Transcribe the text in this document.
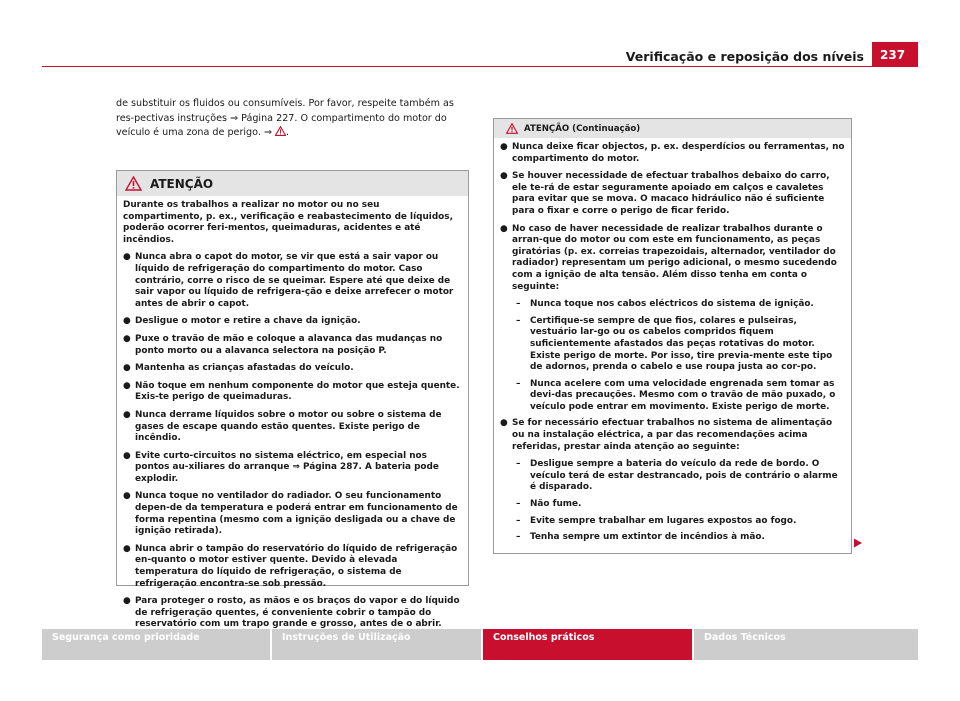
Verificação e reposição dos níveis	237

de substituir os fluidos ou consumíveis. Por favor, respeite também as res-pectivas instruções ⇒ Página 227. O compartimento do motor do veículo é uma zona de perigo. ⇒ .

ATENÇÃO

Durante os trabalhos a realizar no motor ou no seu compartimento, p. ex., verificação e reabastecimento de líquidos, poderão ocorrer feri-mentos, queimaduras, acidentes e até incêndios.

● Nunca abra o capot do motor, se vir que está a sair vapor ou líquido de refrigeração do compartimento do motor. Caso contrário, corre o risco de se queimar. Espere até que deixe de sair vapor ou líquido de refrigera-ção e deixe arrefecer o motor antes de abrir o capot.
● Desligue o motor e retire a chave da ignição.
● Puxe o travão de mão e coloque a alavanca das mudanças no ponto morto ou a alavanca selectora na posição P.
● Mantenha as crianças afastadas do veículo.
● Não toque em nenhum componente do motor que esteja quente. Exis-te perigo de queimaduras.
● Nunca derrame líquidos sobre o motor ou sobre o sistema de gases de escape quando estão quentes. Existe perigo de incêndio.
● Evite curto-circuitos no sistema eléctrico, em especial nos pontos au-xiliares do arranque ⇒ Página 287. A bateria pode explodir.
● Nunca toque no ventilador do radiador. O seu funcionamento depen-de da temperatura e poderá entrar em funcionamento de forma repentina (mesmo com a ignição desligada ou a chave de ignição retirada).
● Nunca abrir o tampão do reservatório do líquido de refrigeração en-quanto o motor estiver quente. Devido à elevada temperatura do líquido de refrigeração, o sistema de refrigeração encontra-se sob pressão.
● Para proteger o rosto, as mãos e os braços do vapor e do líquido de refrigeração quentes, é conveniente cobrir o tampão do reservatório com um trapo grande e grosso, antes de o abrir.
ATENÇÃO (Continuação)
● Nunca deixe ficar objectos, p. ex. desperdícios ou ferramentas, no compartimento do motor.
● Se houver necessidade de efectuar trabalhos debaixo do carro, ele te-rá de estar seguramente apoiado em calços e cavaletes para evitar que se mova. O macaco hidráulico não é suficiente para o fixar e corre o perigo de ficar ferido.
● No caso de haver necessidade de realizar trabalhos durante o arran-que do motor ou com este em funcionamento, as peças giratórias (p. ex. correias trapezoidais, alternador, ventilador do radiador) representam um perigo adicional, o mesmo sucedendo com a ignição de alta tensão. Além disso tenha em conta o seguinte:
–	Nunca toque nos cabos eléctricos do sistema de ignição.
–	Certifique-se sempre de que fios, colares e pulseiras, vestuário lar-go ou os cabelos compridos fiquem suficientemente afastados das peças rotativas do motor. Existe perigo de morte. Por isso, tire previa-mente este tipo de adornos, prenda o cabelo e use roupa justa ao cor-po.
–	Nunca acelere com uma velocidade engrenada sem tomar as devi-das precauções. Mesmo com o travão de mão puxado, o veículo pode entrar em movimento. Existe perigo de morte.
● Se for necessário efectuar trabalhos no sistema de alimentação ou na instalação eléctrica, a par das recomendações acima referidas, prestar ainda atenção ao seguinte:
–	Desligue sempre a bateria do veículo da rede de bordo. O veículo terá de estar destrancado, pois de contrário o alarme é disparado.
–	Não fume.
–	Evite sempre trabalhar em lugares expostos ao fogo.
–	Tenha sempre um extintor de incêndios à mão.
Segurança como prioridade	Instruções de Utilização	Conselhos práticos	Dados Técnicos
